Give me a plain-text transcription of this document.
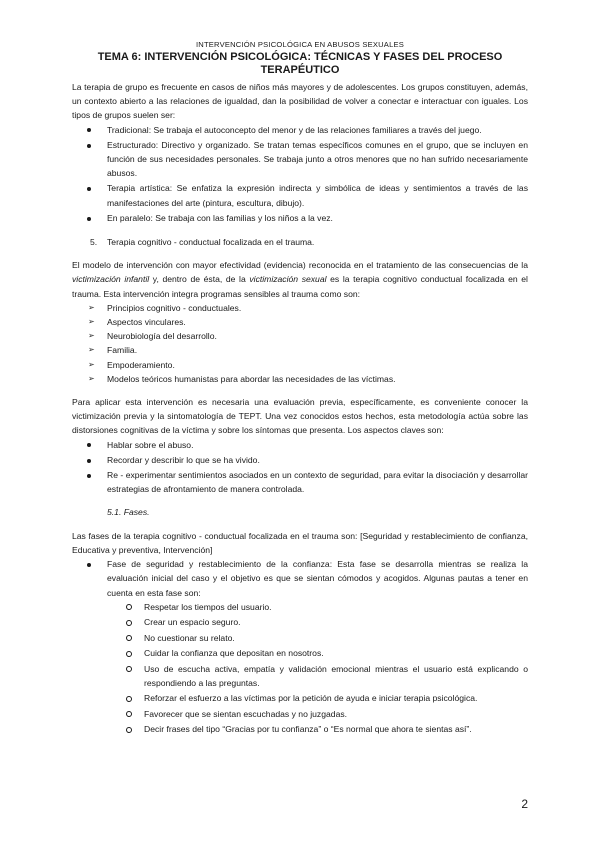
INTERVENCIÓN PSICOLÓGICA EN ABUSOS SEXUALES
TEMA 6: INTERVENCIÓN PSICOLÓGICA: TÉCNICAS Y FASES DEL PROCESO TERAPÉUTICO

La terapia de grupo es frecuente en casos de niños más mayores y de adolescentes. Los grupos constituyen, además, un contexto abierto a las relaciones de igualdad, dan la posibilidad de volver a conectar e interactuar con iguales. Los tipos de grupos suelen ser:

Tradicional: Se trabaja el autoconcepto del menor y de las relaciones familiares a través del juego.
Estructurado: Directivo y organizado. Se tratan temas específicos comunes en el grupo, que se incluyen en función de sus necesidades personales. Se trabaja junto a otros menores que no han sufrido necesariamente abusos.
Terapia artística: Se enfatiza la expresión indirecta y simbólica de ideas y sentimientos a través de las manifestaciones del arte (pintura, escultura, dibujo).
En paralelo: Se trabaja con las familias y los niños a la vez.
5. Terapia cognitivo - conductual focalizada en el trauma.

El modelo de intervención con mayor efectividad (evidencia) reconocida en el tratamiento de las consecuencias de la victimización infantil y, dentro de ésta, de la victimización sexual es la terapia cognitivo conductual focalizada en el trauma. Esta intervención integra programas sensibles al trauma como son:

➢ Principios cognitivo - conductuales.
➢ Aspectos vinculares.
➢ Neurobiología del desarrollo.
➢ Familia.
➢ Empoderamiento.
➢ Modelos teóricos humanistas para abordar las necesidades de las víctimas.

Para aplicar esta intervención es necesaria una evaluación previa, específicamente, es conveniente conocer la victimización previa y la sintomatología de TEPT. Una vez conocidos estos hechos, esta metodología actúa sobre las distorsiones cognitivas de la víctima y sobre los síntomas que presenta. Los aspectos claves son:

Hablar sobre el abuso.
Recordar y describir lo que se ha vivido.
Re - experimentar sentimientos asociados en un contexto de seguridad, para evitar la disociación y desarrollar estrategias de afrontamiento de manera controlada.
5.1. Fases.

Las fases de la terapia cognitivo - conductual focalizada en el trauma son: [Seguridad y restablecimiento de confianza, Educativa y preventiva, Intervención]

Fase de seguridad y restablecimiento de la confianza: Esta fase se desarrolla mientras se realiza la evaluación inicial del caso y el objetivo es que se sientan cómodos y acogidos. Algunas pautas a tener en cuenta en esta fase son:
Respetar los tiempos del usuario.
Crear un espacio seguro.
No cuestionar su relato.
Cuidar la confianza que depositan en nosotros.
Uso de escucha activa, empatía y validación emocional mientras el usuario está explicando o respondiendo a las preguntas.
Reforzar el esfuerzo a las víctimas por la petición de ayuda e iniciar terapia psicológica.
Favorecer que se sientan escuchadas y no juzgadas.
Decir frases del tipo “Gracias por tu confianza” o “Es normal que ahora te sientas así”.
2
